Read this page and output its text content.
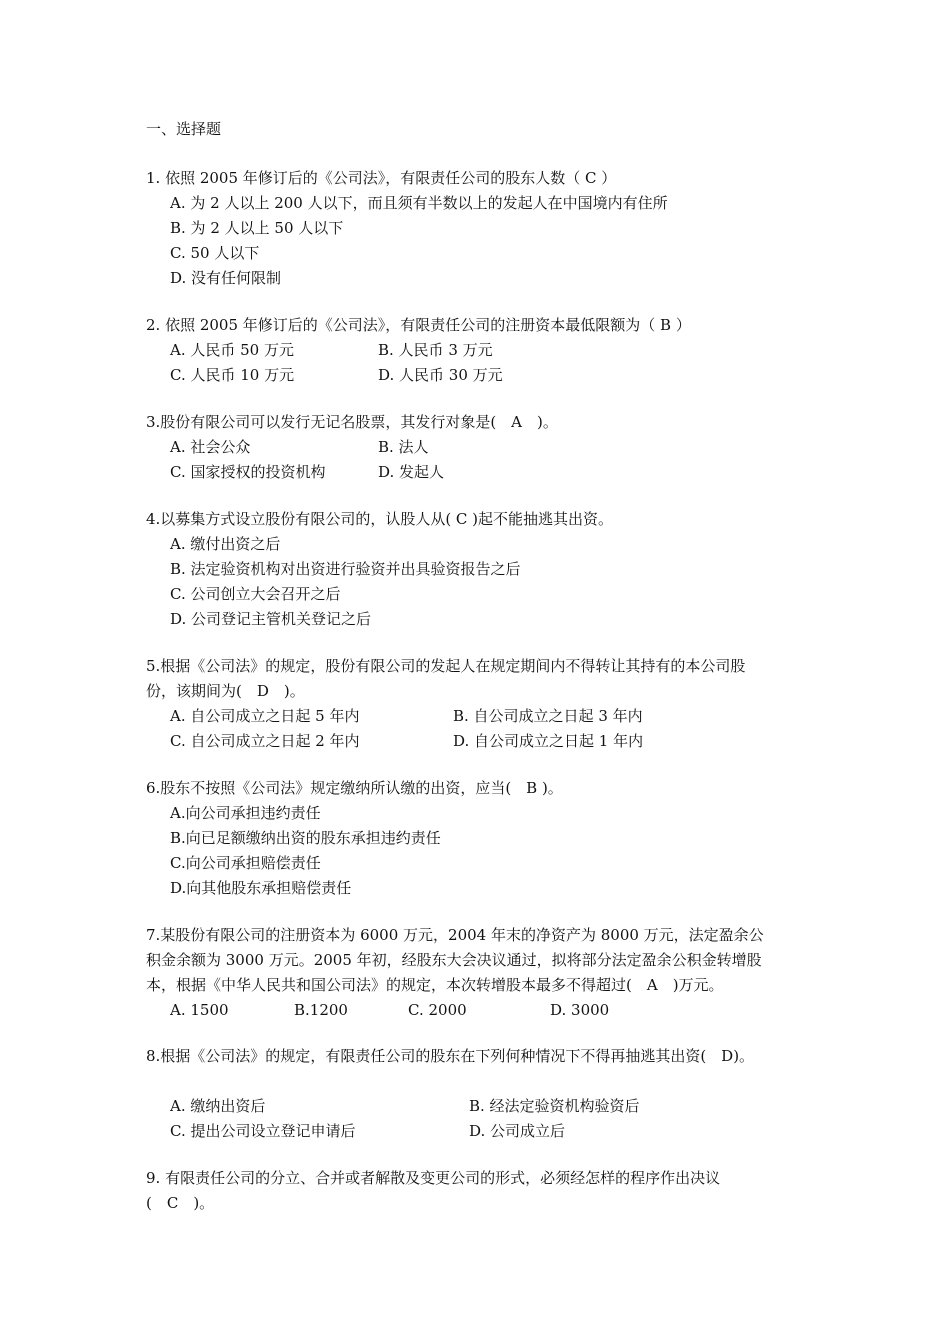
一、选择题
1. 依照 2005 年修订后的《公司法》，有限责任公司的股东人数（ C ）
A. 为 2 人以上 200 人以下，而且须有半数以上的发起人在中国境内有住所
B. 为 2 人以上 50 人以下
C. 50 人以下
D. 没有任何限制
2. 依照 2005 年修订后的《公司法》，有限责任公司的注册资本最低限额为（ B ）
A. 人民币 50 万元	B. 人民币 3 万元
C. 人民币 10 万元	D. 人民币 30 万元
3.股份有限公司可以发行无记名股票，其发行对象是(　A　)。
A. 社会公众	B. 法人
C. 国家授权的投资机构	D. 发起人
4.以募集方式设立股份有限公司的，认股人从( C )起不能抽逃其出资。
A. 缴付出资之后
B. 法定验资机构对出资进行验资并出具验资报告之后
C. 公司创立大会召开之后
D. 公司登记主管机关登记之后
5.根据《公司法》的规定，股份有限公司的发起人在规定期间内不得转让其持有的本公司股
份，该期间为(　D　)。
A. 自公司成立之日起 5 年内	B. 自公司成立之日起 3 年内
C. 自公司成立之日起 2 年内	D. 自公司成立之日起 1 年内
6.股东不按照《公司法》规定缴纳所认缴的出资，应当(　B )。
A.向公司承担违约责任
B.向已足额缴纳出资的股东承担违约责任
C.向公司承担赔偿责任
D.向其他股东承担赔偿责任
7.某股份有限公司的注册资本为 6000 万元，2004 年末的净资产为 8000 万元，法定盈余公
积金余额为 3000 万元。2005 年初，经股东大会决议通过，拟将部分法定盈余公积金转增股
本，根据《中华人民共和国公司法》的规定，本次转增股本最多不得超过(　A　)万元。
A. 1500	B.1200	C. 2000	D. 3000
8.根据《公司法》的规定，有限责任公司的股东在下列何种情况下不得再抽逃其出资(　D)。
A. 缴纳出资后	B. 经法定验资机构验资后
C. 提出公司设立登记申请后	D. 公司成立后
9. 有限责任公司的分立、合并或者解散及变更公司的形式，必须经怎样的程序作出决议
(　C　)。
